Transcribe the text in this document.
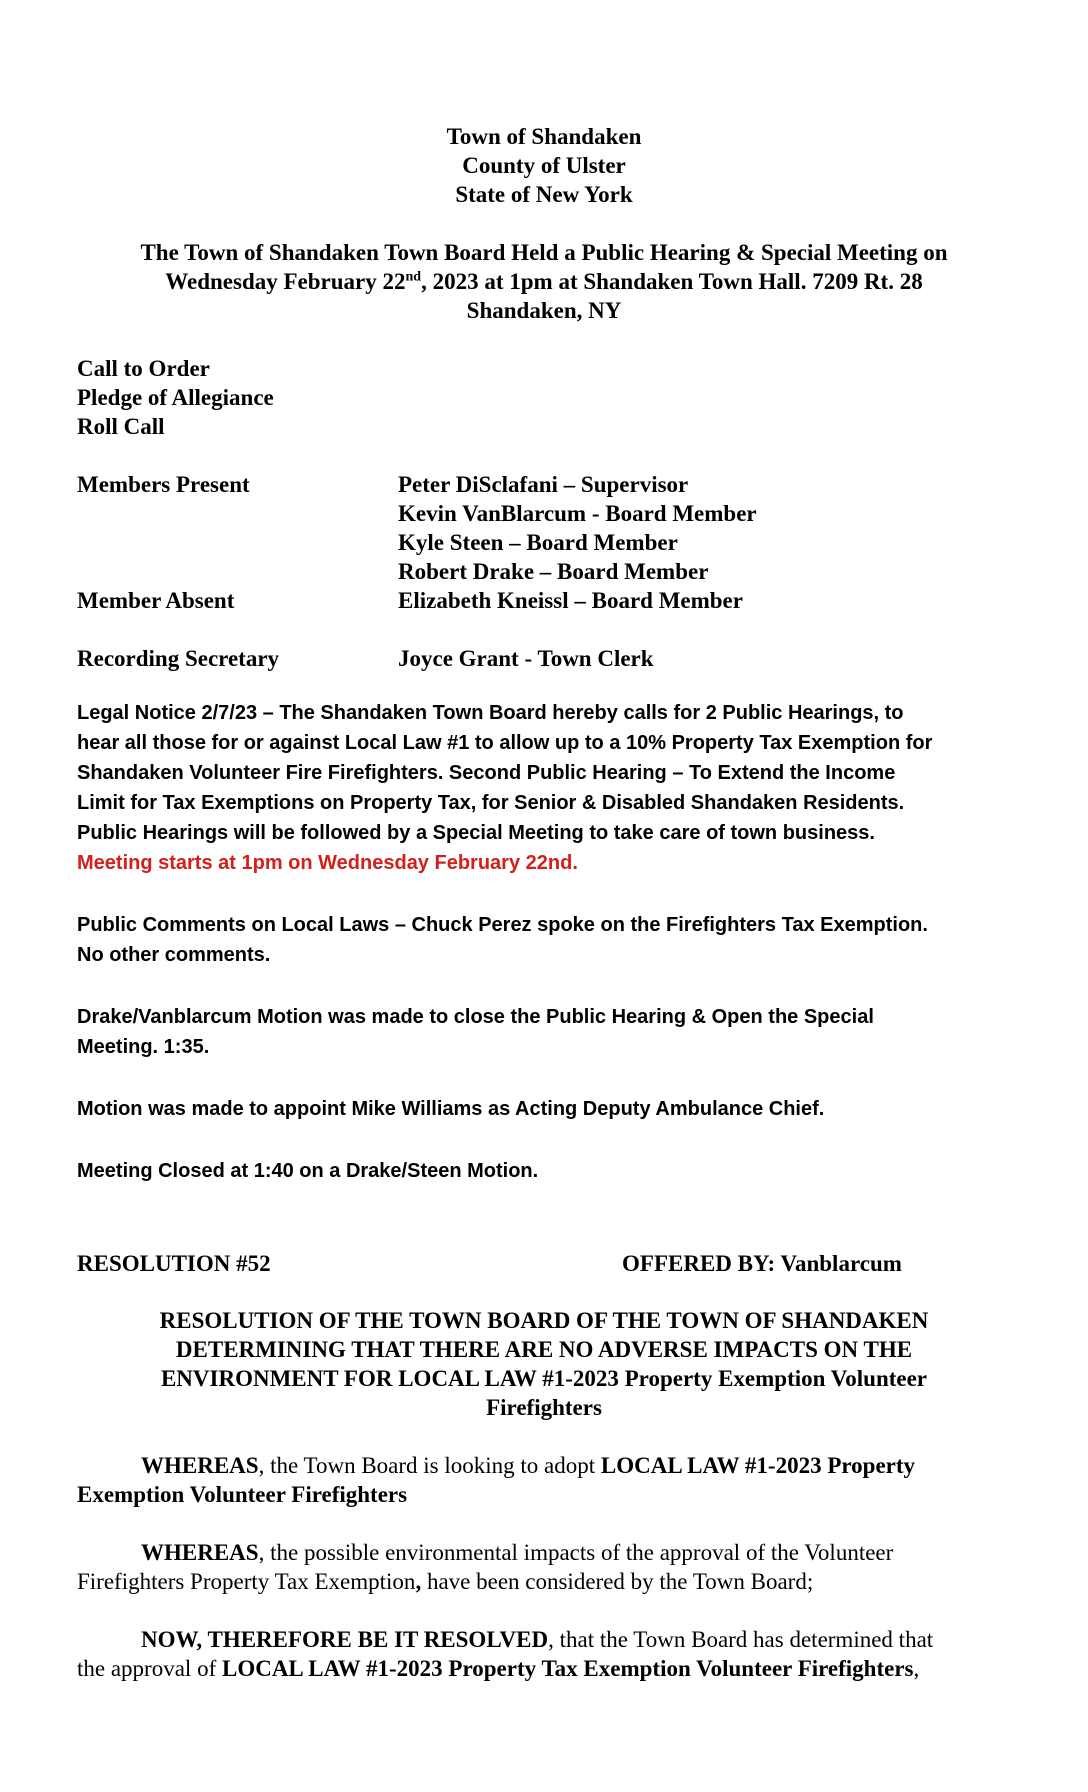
Town of Shandaken
County of Ulster
State of New York
The Town of Shandaken Town Board Held a Public Hearing & Special Meeting on
Wednesday February 22nd, 2023 at 1pm at Shandaken Town Hall. 7209 Rt. 28
Shandaken, NY
Call to Order
Pledge of Allegiance
Roll Call
Members Present	Peter DiSclafani – Supervisor
Kevin VanBlarcum - Board Member
Kyle Steen – Board Member
Robert Drake – Board Member
Member Absent	Elizabeth Kneissl – Board Member
Recording Secretary	Joyce Grant - Town Clerk
Legal Notice 2/7/23 – The Shandaken Town Board hereby calls for 2 Public Hearings, to
hear all those for or against Local Law #1 to allow up to a 10% Property Tax Exemption for
Shandaken Volunteer Fire Firefighters. Second Public Hearing – To Extend the Income
Limit for Tax Exemptions on Property Tax, for Senior & Disabled Shandaken Residents.
Public Hearings will be followed by a Special Meeting to take care of town business.
Meeting starts at 1pm on Wednesday February 22nd.
Public Comments on Local Laws – Chuck Perez spoke on the Firefighters Tax Exemption.
No other comments.
Drake/Vanblarcum Motion was made to close the Public Hearing & Open the Special
Meeting. 1:35.
Motion was made to appoint Mike Williams as Acting Deputy Ambulance Chief.
Meeting Closed at 1:40 on a Drake/Steen Motion.
RESOLUTION #52	OFFERED BY: Vanblarcum
RESOLUTION OF THE TOWN BOARD OF THE TOWN OF SHANDAKEN
DETERMINING THAT THERE ARE NO ADVERSE IMPACTS ON THE
ENVIRONMENT FOR LOCAL LAW #1-2023 Property Exemption Volunteer
Firefighters
WHEREAS, the Town Board is looking to adopt LOCAL LAW #1-2023 Property
Exemption Volunteer Firefighters
WHEREAS, the possible environmental impacts of the approval of the Volunteer
Firefighters Property Tax Exemption, have been considered by the Town Board;
NOW, THEREFORE BE IT RESOLVED, that the Town Board has determined that
the approval of LOCAL LAW #1-2023 Property Tax Exemption Volunteer Firefighters,
